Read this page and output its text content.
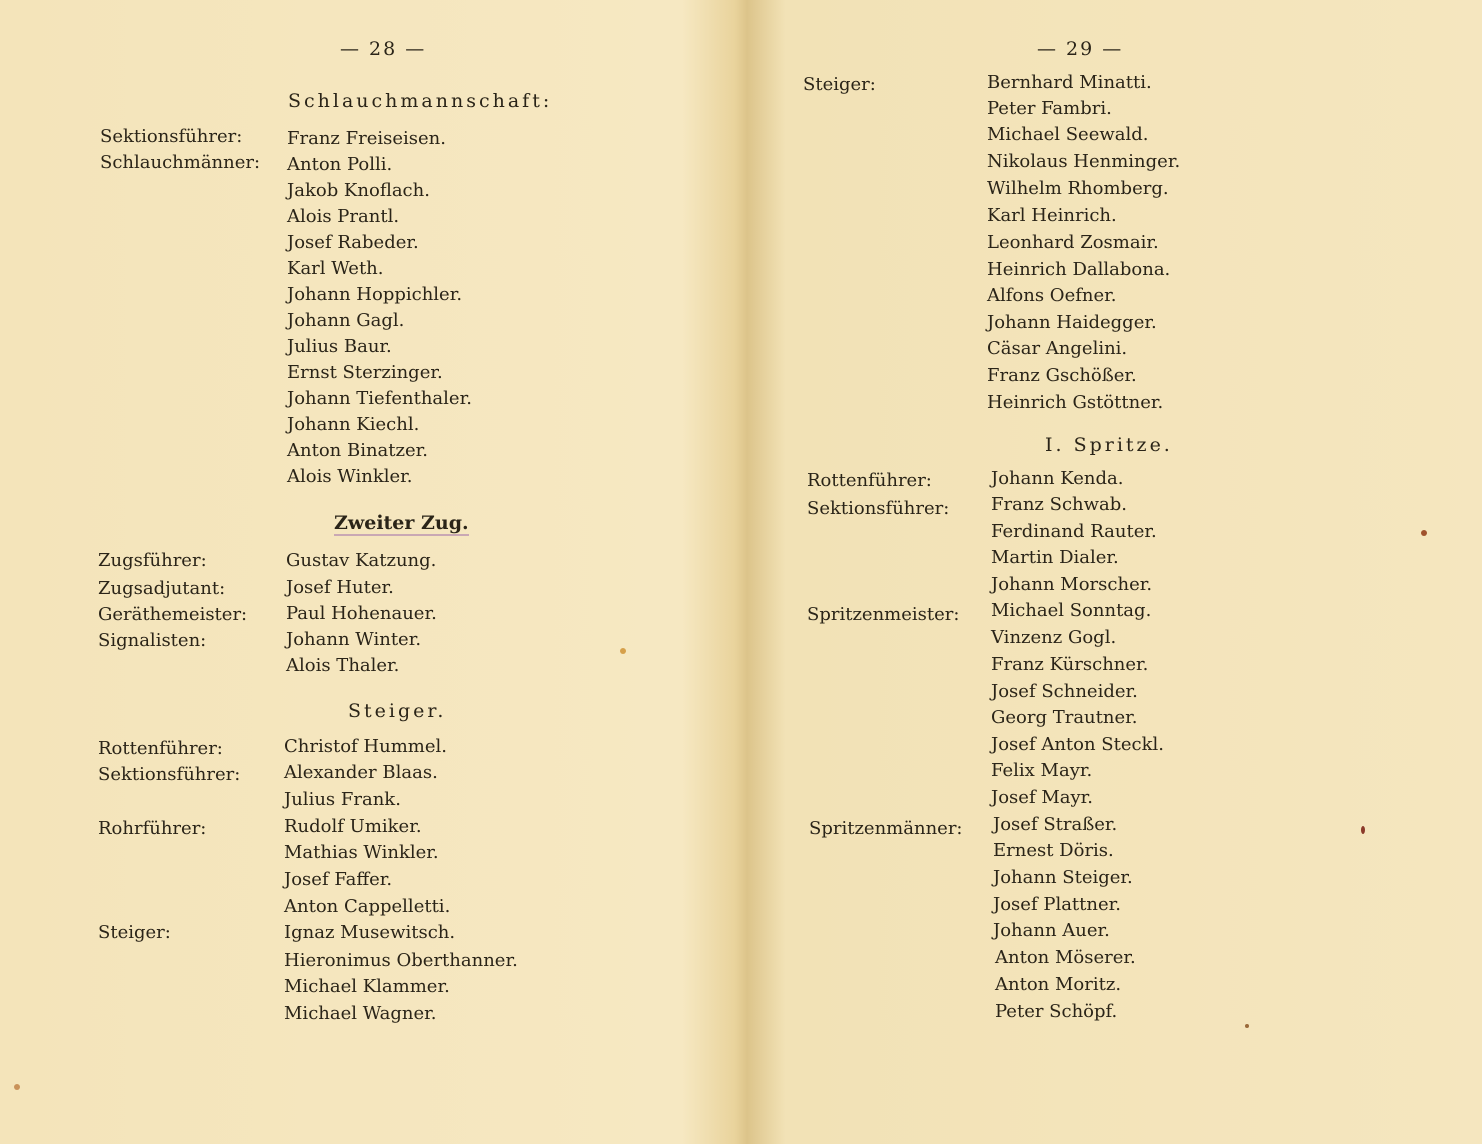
— 28 —
Schlauchmannschaft:
Sektionsführer:
Schlauchmänner:
Franz Freiseisen.
Anton Polli.
Jakob Knoflach.
Alois Prantl.
Josef Rabeder.
Karl Weth.
Johann Hoppichler.
Johann Gagl.
Julius Baur.
Ernst Sterzinger.
Johann Tiefenthaler.
Johann Kiechl.
Anton Binatzer.
Alois Winkler.
Zweiter Zug.
Zugsführer:
Zugsadjutant:
Geräthemeister:
Signalisten:
Gustav Katzung.
Josef Huter.
Paul Hohenauer.
Johann Winter.
Alois Thaler.
Steiger.
Rottenführer:
Sektionsführer:
Rohrführer:
Steiger:
Christof Hummel.
Alexander Blaas.
Julius Frank.
Rudolf Umiker.
Mathias Winkler.
Josef Faffer.
Anton Cappelletti.
Ignaz Musewitsch.
Hieronimus Oberthanner.
Michael Klammer.
Michael Wagner.
— 29 —
Steiger:	Bernhard Minatti.
Peter Fambri.
Michael Seewald.
Nikolaus Henminger.
Wilhelm Rhomberg.
Karl Heinrich.
Leonhard Zosmair.
Heinrich Dallabona.
Alfons Oefner.
Johann Haidegger.
Cäsar Angelini.
Franz Gschößer.
Heinrich Gstöttner.
I. Spritze.
Rottenführer:
Sektionsführer:
Spritzenmeister:
Spritzenmänner:
Johann Kenda.
Franz Schwab.
Ferdinand Rauter.
Martin Dialer.
Johann Morscher.
Michael Sonntag.
Vinzenz Gogl.
Franz Kürschner.
Josef Schneider.
Georg Trautner.
Josef Anton Steckl.
Felix Mayr.
Josef Mayr.
Josef Straßer.
Ernest Döris.
Johann Steiger.
Josef Plattner.
Johann Auer.
Anton Möserer.
Anton Moritz.
Peter Schöpf.
